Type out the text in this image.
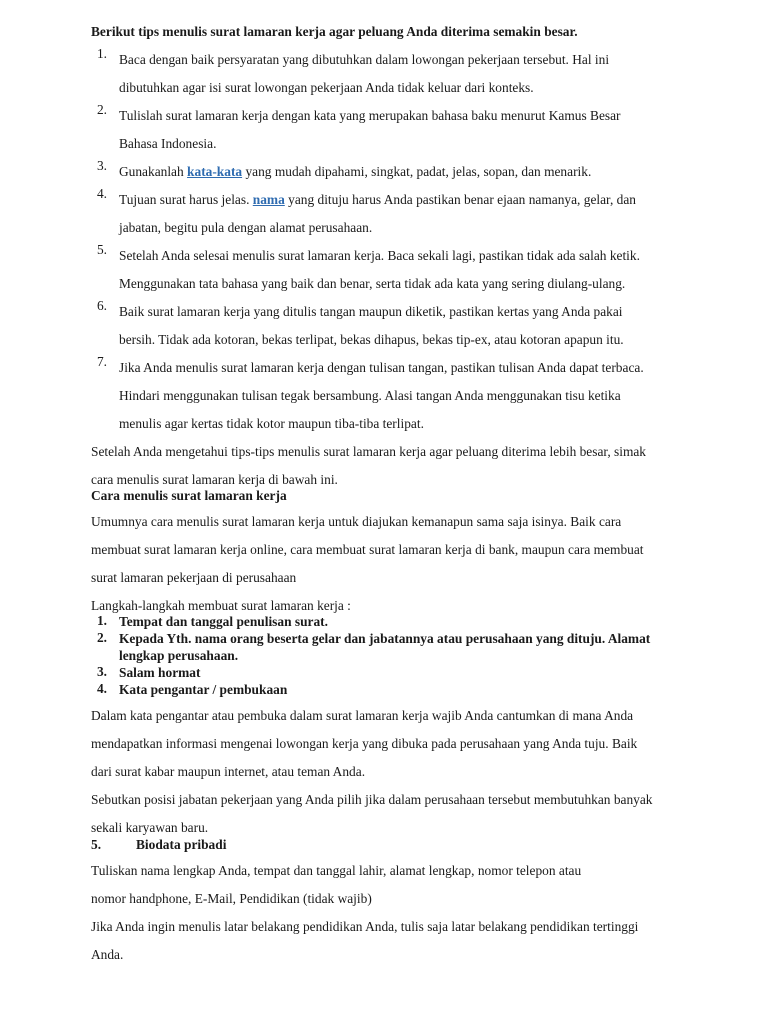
Berikut tips menulis surat lamaran kerja agar peluang Anda diterima semakin besar.
1. Baca dengan baik persyaratan yang dibutuhkan dalam lowongan pekerjaan tersebut. Hal ini
dibutuhkan agar isi surat lowongan pekerjaan Anda tidak keluar dari konteks.
2. Tulislah surat lamaran kerja dengan kata yang merupakan bahasa baku menurut Kamus Besar
Bahasa Indonesia.
3. Gunakanlah kata-kata yang mudah dipahami, singkat, padat, jelas, sopan, dan menarik.
4. Tujuan surat harus jelas. nama yang dituju harus Anda pastikan benar ejaan namanya, gelar, dan
jabatan, begitu pula dengan alamat perusahaan.
5. Setelah Anda selesai menulis surat lamaran kerja. Baca sekali lagi, pastikan tidak ada salah ketik.
Menggunakan tata bahasa yang baik dan benar, serta tidak ada kata yang sering diulang-ulang.
6. Baik surat lamaran kerja yang ditulis tangan maupun diketik, pastikan kertas yang Anda pakai
bersih. Tidak ada kotoran, bekas terlipat, bekas dihapus, bekas tip-ex, atau kotoran apapun itu.
7. Jika Anda menulis surat lamaran kerja dengan tulisan tangan, pastikan tulisan Anda dapat terbaca.
Hindari menggunakan tulisan tegak bersambung. Alasi tangan Anda menggunakan tisu ketika
menulis agar kertas tidak kotor maupun tiba-tiba terlipat.
Setelah Anda mengetahui tips-tips menulis surat lamaran kerja agar peluang diterima lebih besar, simak
cara menulis surat lamaran kerja di bawah ini.
Cara menulis surat lamaran kerja
Umumnya cara menulis surat lamaran kerja untuk diajukan kemanapun sama saja isinya. Baik cara
membuat surat lamaran kerja online, cara membuat surat lamaran kerja di bank, maupun cara membuat
surat lamaran pekerjaan di perusahaan
Langkah-langkah membuat surat lamaran kerja :
1. Tempat dan tanggal penulisan surat.
2. Kepada Yth. nama orang beserta gelar dan jabatannya atau perusahaan yang dituju. Alamat
lengkap perusahaan.
3. Salam hormat
4. Kata pengantar / pembukaan
Dalam kata pengantar atau pembuka dalam surat lamaran kerja wajib Anda cantumkan di mana Anda
mendapatkan informasi mengenai lowongan kerja yang dibuka pada perusahaan yang Anda tuju. Baik
dari surat kabar maupun internet, atau teman Anda.
Sebutkan posisi jabatan pekerjaan yang Anda pilih jika dalam perusahaan tersebut membutuhkan banyak
sekali karyawan baru.
5.	Biodata pribadi
Tuliskan nama lengkap Anda, tempat dan tanggal lahir, alamat lengkap, nomor telepon atau
nomor handphone, E-Mail, Pendidikan (tidak wajib)
Jika Anda ingin menulis latar belakang pendidikan Anda, tulis saja latar belakang pendidikan tertinggi
Anda.
